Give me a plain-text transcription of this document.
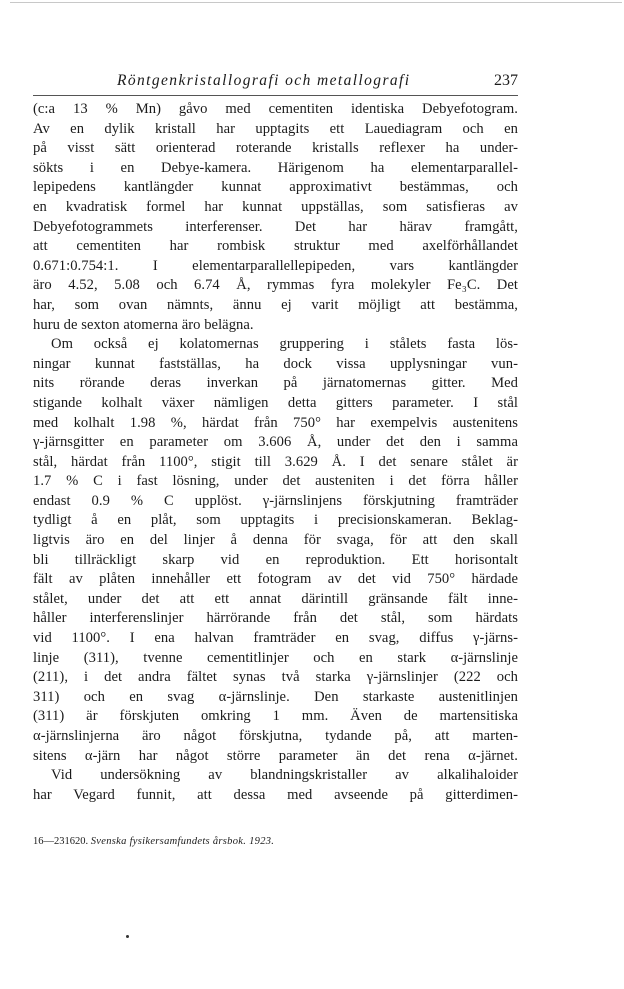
Röntgenkristallografi och metallografi	237
(c:a 13 % Mn) gåvo med cementiten identiska Debyefotogram.
Av en dylik kristall har upptagits ett Lauediagram och en
på visst sätt orienterad roterande kristalls reflexer ha under-
sökts i en Debye-kamera. Härigenom ha elementarparallel-
lepipedens kantlängder kunnat approximativt bestämmas, och
en kvadratisk formel har kunnat uppställas, som satisfieras av
Debyefotogrammets interferenser. Det har härav framgått,
att cementiten har rombisk struktur med axelförhållandet
0.671:0.754:1. I elementarparallellepipeden, vars kantlängder
äro 4.52, 5.08 och 6.74 Å, rymmas fyra molekyler Fe₃C. Det
har, som ovan nämnts, ännu ej varit möjligt att bestämma,
huru de sexton atomerna äro belägna.
Om också ej kolatomernas gruppering i stålets fasta lös-
ningar kunnat fastställas, ha dock vissa upplysningar vun-
nits rörande deras inverkan på järnatomernas gitter. Med
stigande kolhalt växer nämligen detta gitters parameter. I stål
med kolhalt 1.98 %, härdat från 750° har exempelvis austenitens
γ-järnsgitter en parameter om 3.606 Å, under det den i samma
stål, härdat från 1100°, stigit till 3.629 Å. I det senare stålet är
1.7 % C i fast lösning, under det austeniten i det förra håller
endast 0.9 % C upplöst. γ-järnslinjens förskjutning framträder
tydligt å en plåt, som upptagits i precisionskameran. Beklag-
ligtvis äro en del linjer å denna för svaga, för att den skall
bli tillräckligt skarp vid en reproduktion. Ett horisontalt
fält av plåten innehåller ett fotogram av det vid 750° härdade
stålet, under det att ett annat därintill gränsande fält inne-
håller interferenslinjer härrörande från det stål, som härdats
vid 1100°. I ena halvan framträder en svag, diffus γ-järns-
linje (311), tvenne cementitlinjer och en stark α-järnslinje
(211), i det andra fältet synas två starka γ-järnslinjer (222 och
311) och en svag α-järnslinje. Den starkaste austenitlinjen
(311) är förskjuten omkring 1 mm. Även de martensitiska
α-järnslinjerna äro något förskjutna, tydande på, att marten-
sitens α-järn har något större parameter än det rena α-järnet.
Vid undersökning av blandningskristaller av alkalihaloider
har Vegard funnit, att dessa med avseende på gitterdimen-
16—231620. Svenska fysikersamfundets årsbok. 1923.
